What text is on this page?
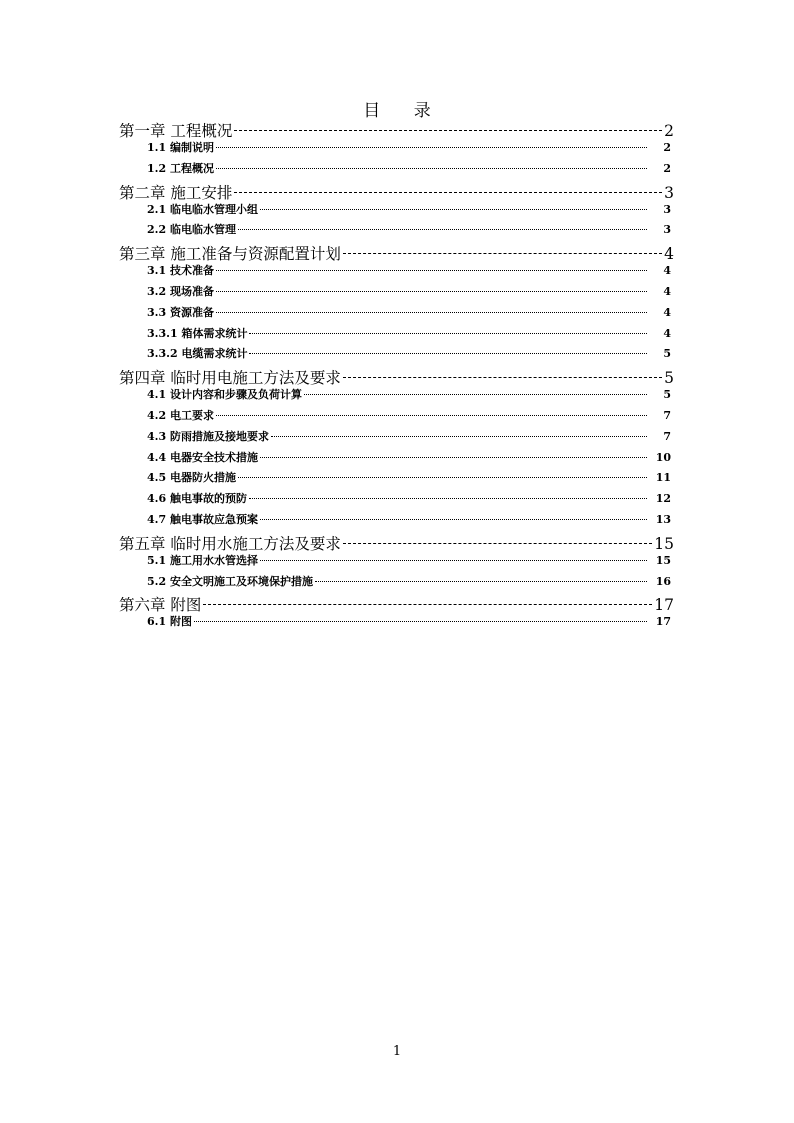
目 录
第一章 工程概况	2
1.1 编制说明	2
1.2 工程概况	2
第二章 施工安排	3
2.1 临电临水管理小组	3
2.2 临电临水管理	3
第三章 施工准备与资源配置计划	4
3.1 技术准备	4
3.2 现场准备	4
3.3 资源准备	4
3.3.1 箱体需求统计	4
3.3.2 电缆需求统计	5
第四章 临时用电施工方法及要求	5
4.1 设计内容和步骤及负荷计算	5
4.2 电工要求	7
4.3 防雨措施及接地要求	7
4.4 电器安全技术措施	10
4.5 电器防火措施	11
4.6 触电事故的预防	12
4.7 触电事故应急预案	13
第五章 临时用水施工方法及要求	15
5.1 施工用水水管选择	15
5.2 安全文明施工及环境保护措施	16
第六章 附图	17
6.1 附图	17
1
